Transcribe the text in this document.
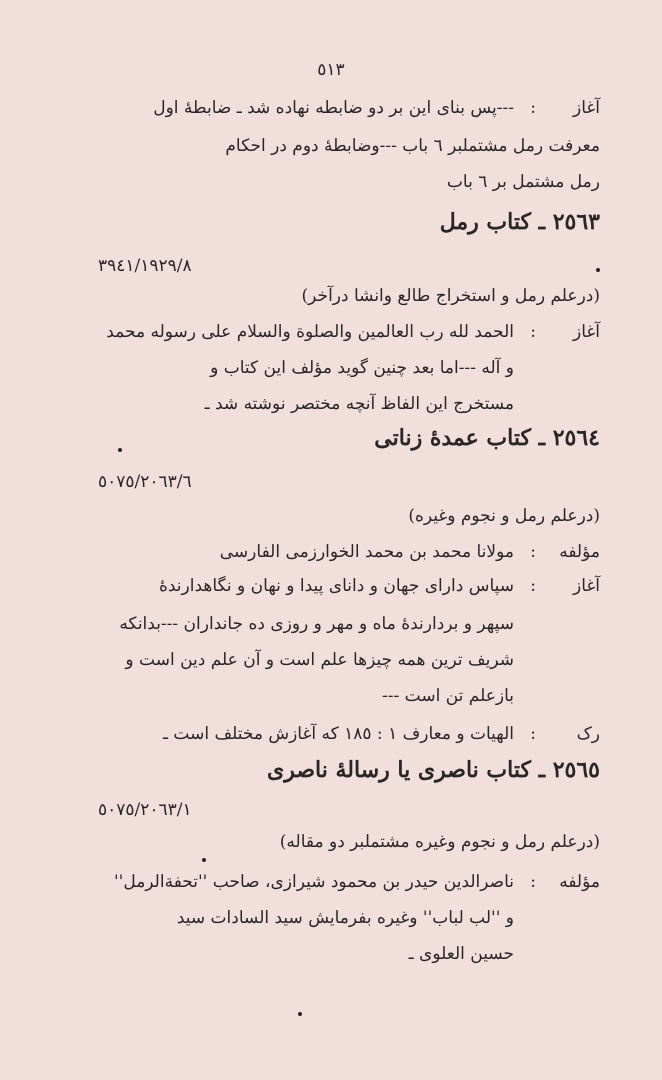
٥١٣
آغاز
:
---پس بنای این بر دو ضابطه نهاده شد ـ ضابطهٔ اول
معرفت رمل مشتملبر ٦ باب ---وضابطهٔ دوم در احکام
رمل مشتمل بر ٦ باب
٢٥٦٣ ـ کتاب رمل
٣٩٤١/١٩٢٩/٨
(درعلم رمل و استخراج طالع وانشا درآخر)
آغاز
:
الحمد لله رب العالمین والصلوة والسلام علی رسوله محمد
و آله ---اما بعد چنین گوید مؤلف این کتاب و
مستخرج این الفاظ آنچه مختصر نوشته شد ـ
٢٥٦٤ ـ کتاب عمدهٔ زناتی
٥٠٧٥/٢٠٦٣/٦
(درعلم رمل و نجوم وغیره)
مؤلفه
:
مولانا محمد بن محمد الخوارزمی الفارسی
آغاز
:
سپاس دارای جهان و دانای پیدا و نهان و نگاهدارندهٔ
سپهر و بردارندهٔ ماه و مهر و روزی ده جانداران ---بدانکه
شریف ترین همه چیزها علم است و آن علم دین است و
بازعلم تن است ---
رک
:
الهیات و معارف ١ : ١٨٥ که آغازش مختلف است ـ
٢٥٦٥ ـ کتاب ناصری یا رسالهٔ ناصری
٥٠٧٥/٢٠٦٣/١
(درعلم رمل و نجوم وغیره مشتملبر دو مقاله)
مؤلفه
:
ناصرالدین حیدر بن محمود شیرازی، صاحب ''تحفةالرمل''
و ''لب لباب'' وغیره بفرمایش سید السادات سید
حسین العلوی ـ
